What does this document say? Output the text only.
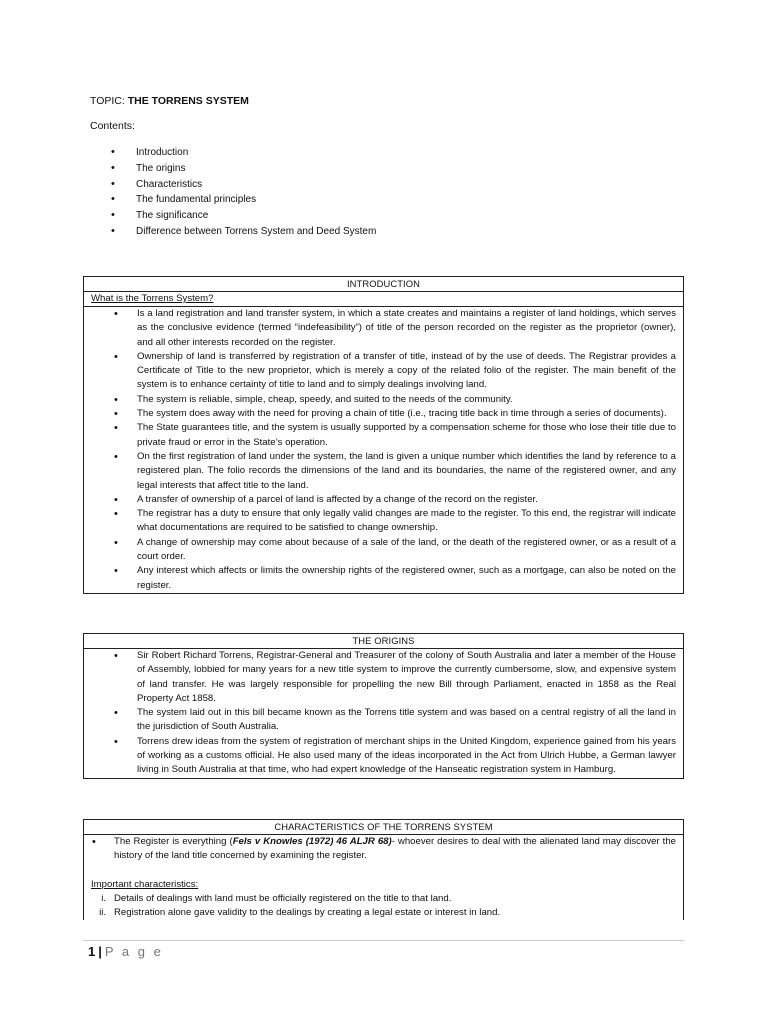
TOPIC: THE TORRENS SYSTEM
Contents:
• Introduction
• The origins
• Characteristics
• The fundamental principles
• The significance
• Difference between Torrens System and Deed System
INTRODUCTION
What is the Torrens System?
• Is a land registration and land transfer system, in which a state creates and maintains a register of land holdings, which serves as the conclusive evidence (termed “indefeasibility”) of title of the person recorded on the register as the proprietor (owner), and all other interests recorded on the register.
• Ownership of land is transferred by registration of a transfer of title, instead of by the use of deeds. The Registrar provides a Certificate of Title to the new proprietor, which is merely a copy of the related folio of the register. The main benefit of the system is to enhance certainty of title to land and to simply dealings involving land.
• The system is reliable, simple, cheap, speedy, and suited to the needs of the community.
• The system does away with the need for proving a chain of title (i.e., tracing title back in time through a series of documents).
• The State guarantees title, and the system is usually supported by a compensation scheme for those who lose their title due to private fraud or error in the State’s operation.
• On the first registration of land under the system, the land is given a unique number which identifies the land by reference to a registered plan. The folio records the dimensions of the land and its boundaries, the name of the registered owner, and any legal interests that affect title to the land.
• A transfer of ownership of a parcel of land is affected by a change of the record on the register.
• The registrar has a duty to ensure that only legally valid changes are made to the register. To this end, the registrar will indicate what documentations are required to be satisfied to change ownership.
• A change of ownership may come about because of a sale of the land, or the death of the registered owner, or as a result of a court order.
• Any interest which affects or limits the ownership rights of the registered owner, such as a mortgage, can also be noted on the register.
THE ORIGINS
• Sir Robert Richard Torrens, Registrar-General and Treasurer of the colony of South Australia and later a member of the House of Assembly, lobbied for many years for a new title system to improve the currently cumbersome, slow, and expensive system of land transfer. He was largely responsible for propelling the new Bill through Parliament, enacted in 1858 as the Real Property Act 1858.
• The system laid out in this bill became known as the Torrens title system and was based on a central registry of all the land in the jurisdiction of South Australia.
• Torrens drew ideas from the system of registration of merchant ships in the United Kingdom, experience gained from his years of working as a customs official. He also used many of the ideas incorporated in the Act from Ulrich Hubbe, a German lawyer living in South Australia at that time, who had expert knowledge of the Hanseatic registration system in Hamburg.
CHARACTERISTICS OF THE TORRENS SYSTEM
• The Register is everything (Fels v Knowles (1972) 46 ALJR 68)- whoever desires to deal with the alienated land may discover the history of the land title concerned by examining the register.
Important characteristics:
i. Details of dealings with land must be officially registered on the title to that land.
ii. Registration alone gave validity to the dealings by creating a legal estate or interest in land.
1 | P a g e
